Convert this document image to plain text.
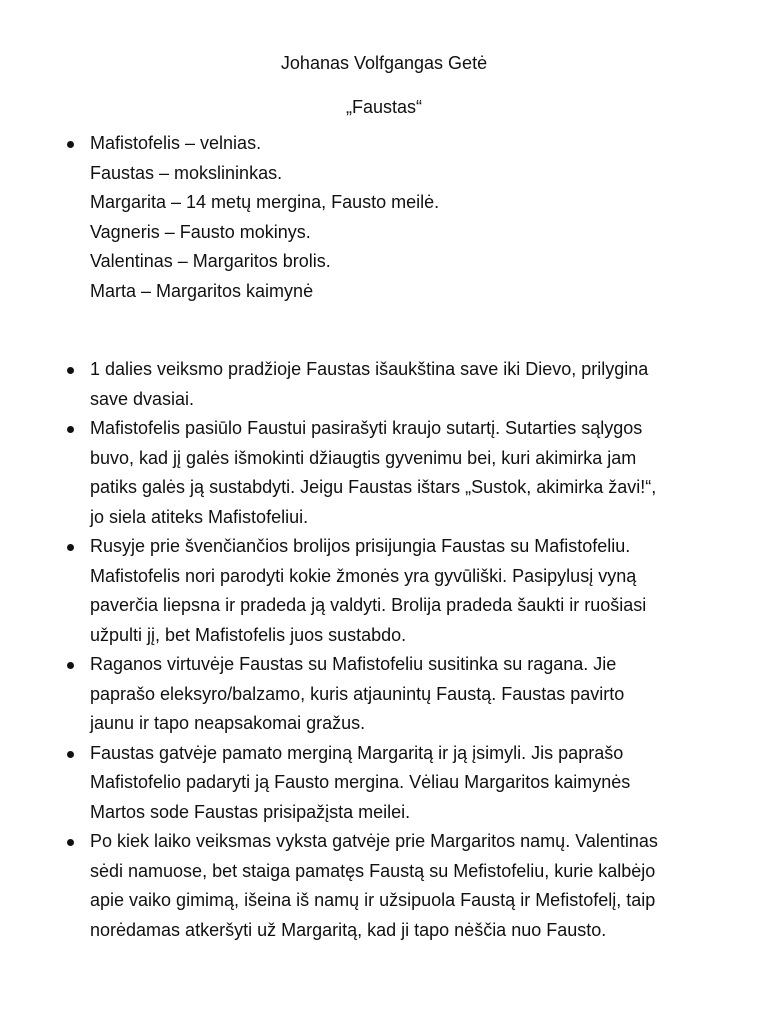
Johanas Volfgangas Getė
„Faustas“
Mafistofelis – velnias.
Faustas – mokslininkas.
Margarita – 14 metų mergina, Fausto meilė.
Vagneris – Fausto mokinys.
Valentinas – Margaritos brolis.
Marta – Margaritos kaimynė
1 dalies veiksmo pradžioje Faustas išaukština save iki Dievo, prilygina
save dvasiai.
Mafistofelis pasiūlo Faustui pasirašyti kraujo sutartį. Sutarties sąlygos
buvo, kad jį galės išmokinti džiaugtis gyvenimu bei, kuri akimirka jam
patiks galės ją sustabdyti. Jeigu Faustas ištars „Sustok, akimirka žavi!“,
jo siela atiteks Mafistofeliui.
Rusyje prie švenčiančios brolijos prisijungia Faustas su Mafistofeliu.
Mafistofelis nori parodyti kokie žmonės yra gyvūliški. Pasipylusį vyną
paverčia liepsna ir pradeda ją valdyti. Brolija pradeda šaukti ir ruošiasi
užpulti jį, bet Mafistofelis juos sustabdo.
Raganos virtuvėje Faustas su Mafistofeliu susitinka su ragana. Jie
paprašo eleksyro/balzamo, kuris atjaunintų Faustą. Faustas pavirto
jaunu ir tapo neapsakomai gražus.
Faustas gatvėje pamato merginą Margaritą ir ją įsimyli. Jis paprašo
Mafistofelio padaryti ją Fausto mergina. Vėliau Margaritos kaimynės
Martos sode Faustas prisipažįsta meilei.
Po kiek laiko veiksmas vyksta gatvėje prie Margaritos namų. Valentinas
sėdi namuose, bet staiga pamatęs Faustą su Mefistofeliu, kurie kalbėjo
apie vaiko gimimą, išeina iš namų ir užsipuola Faustą ir Mefistofelį, taip
norėdamas atkeršyti už Margaritą, kad ji tapo nėščia nuo Fausto.
